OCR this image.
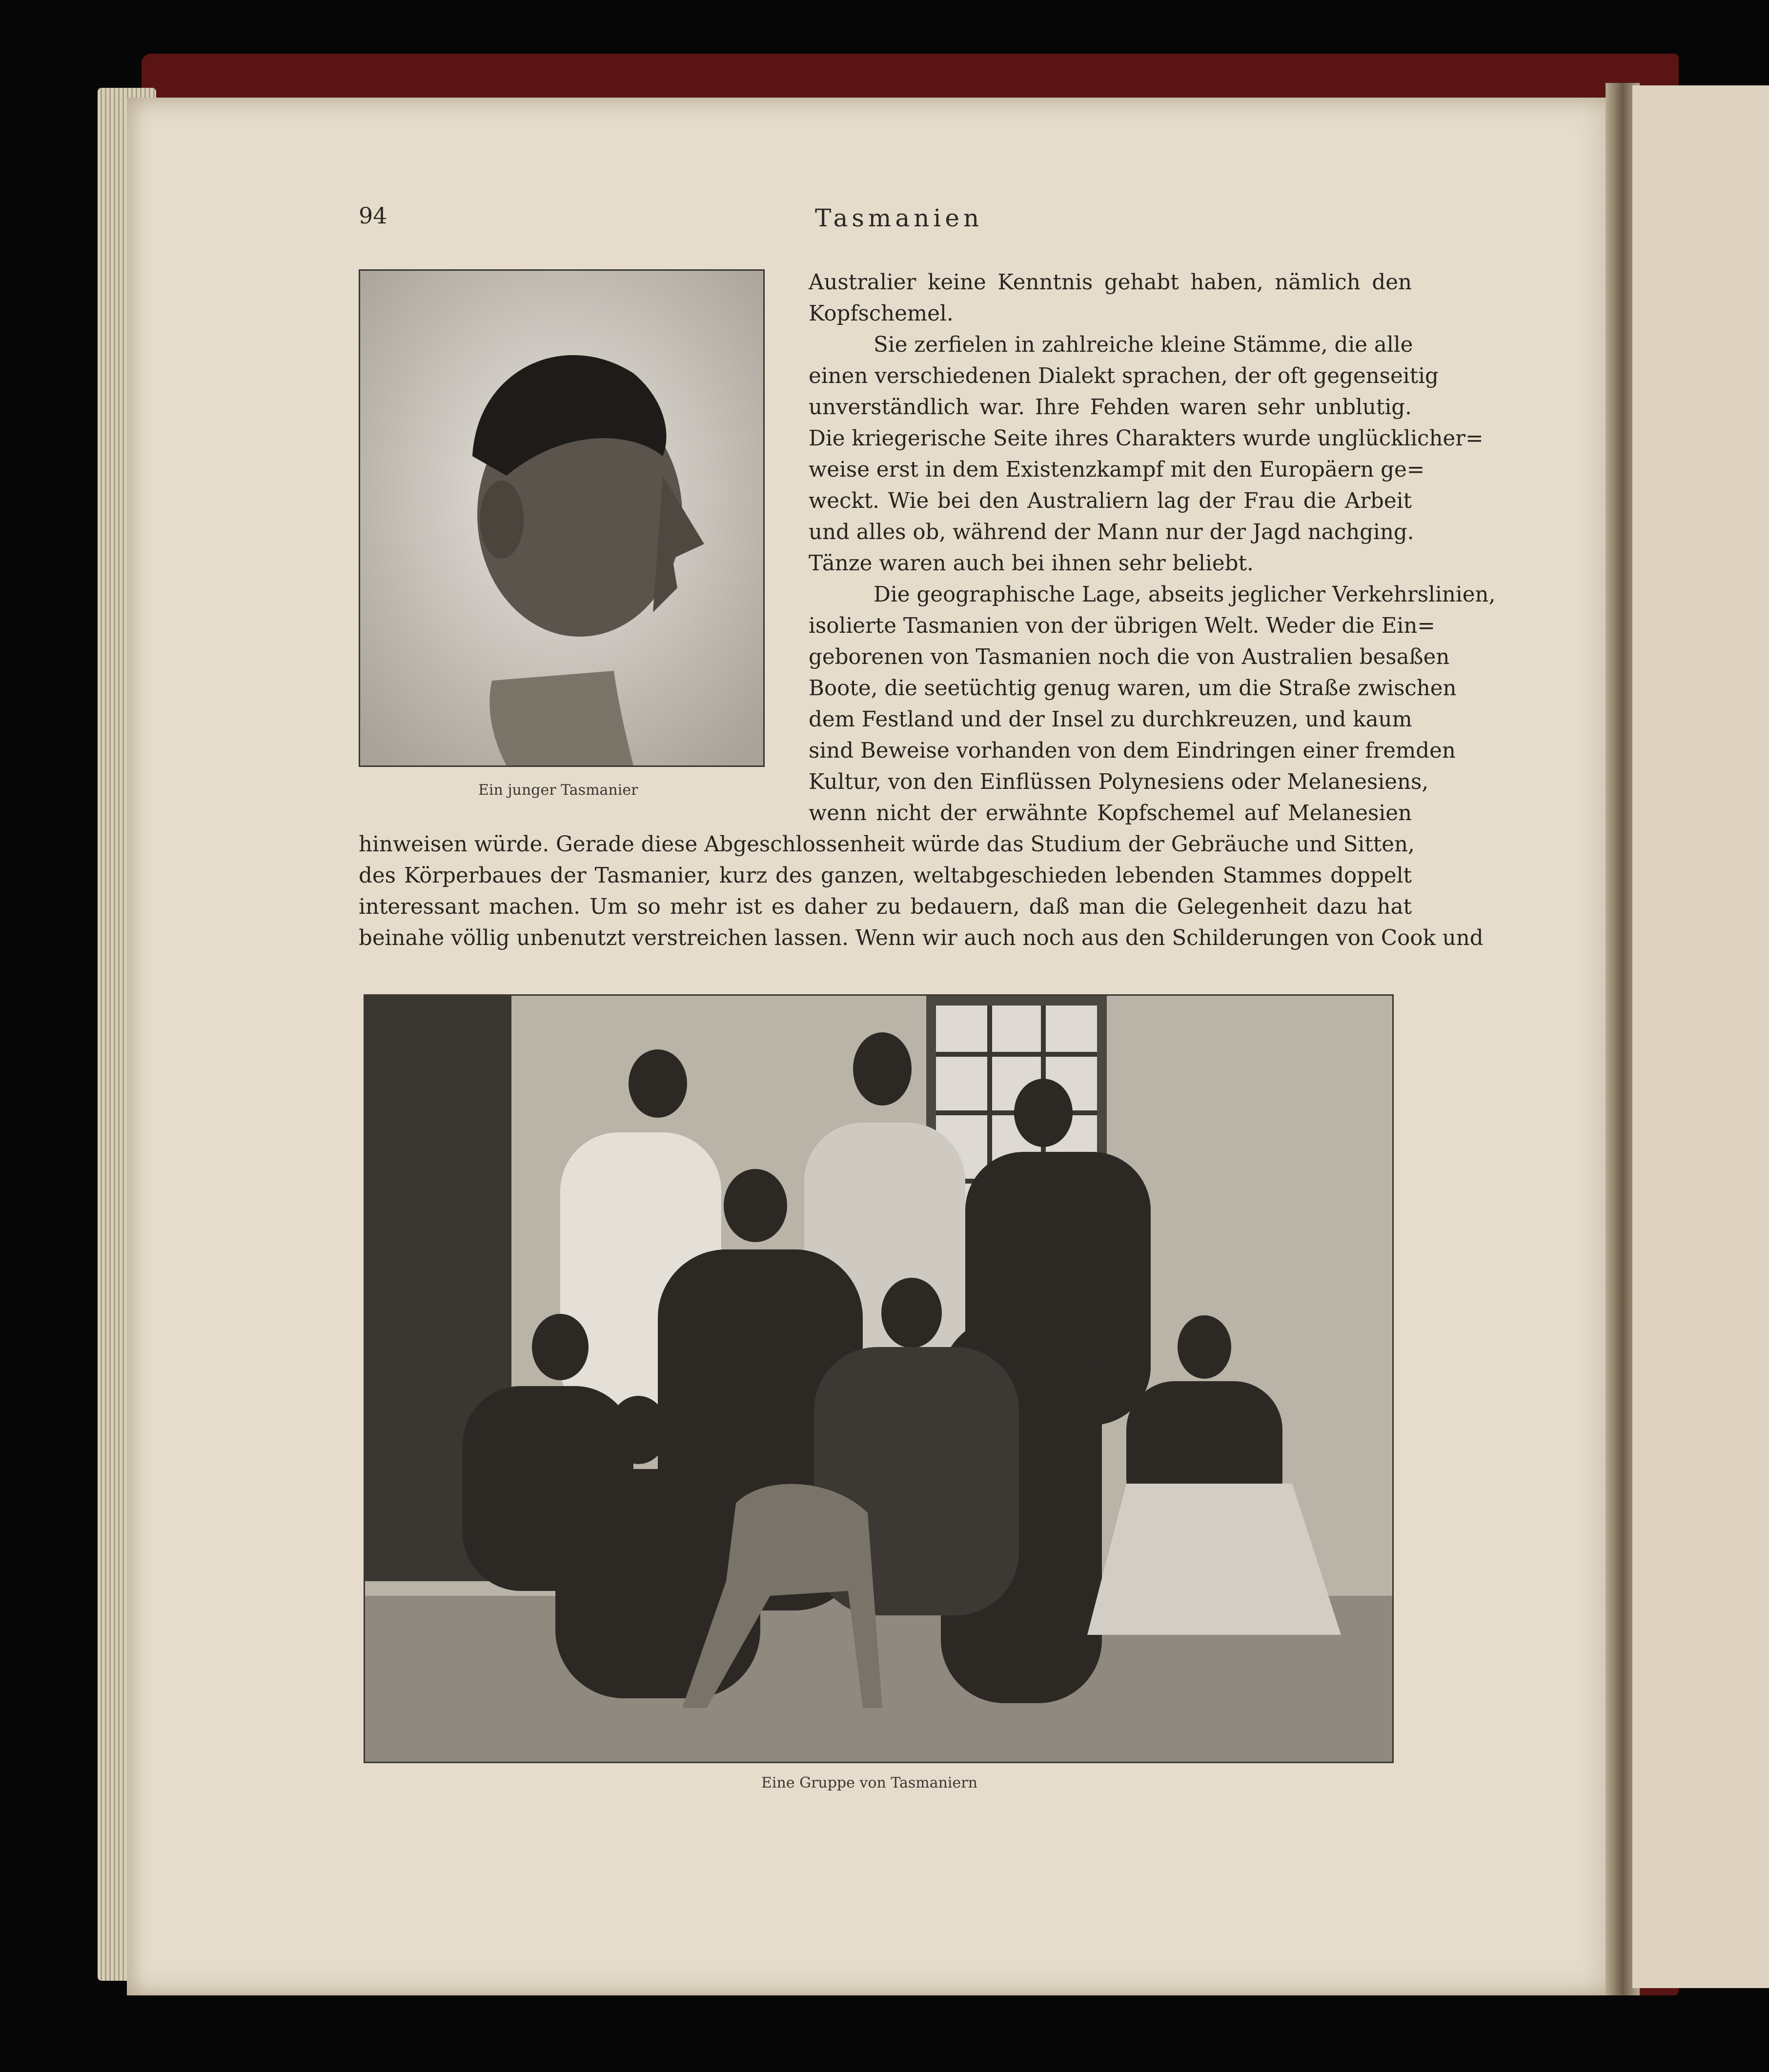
94	Tasmanien
Ein junger Tasmanier
Australier keine Kenntnis gehabt haben, nämlich den
Kopfschemel.
Sie zerfielen in zahlreiche kleine Stämme, die alle
einen verschiedenen Dialekt sprachen, der oft gegenseitig
unverständlich war. Ihre Fehden waren sehr unblutig.
Die kriegerische Seite ihres Charakters wurde unglücklicher=
weise erst in dem Existenzkampf mit den Europäern ge=
weckt. Wie bei den Australiern lag der Frau die Arbeit
und alles ob, während der Mann nur der Jagd nachging.
Tänze waren auch bei ihnen sehr beliebt.
Die geographische Lage, abseits jeglicher Verkehrslinien,
isolierte Tasmanien von der übrigen Welt. Weder die Ein=
geborenen von Tasmanien noch die von Australien besaßen
Boote, die seetüchtig genug waren, um die Straße zwischen
dem Festland und der Insel zu durchkreuzen, und kaum
sind Beweise vorhanden von dem Eindringen einer fremden
Kultur, von den Einflüssen Polynesiens oder Melanesiens,
wenn nicht der erwähnte Kopfschemel auf Melanesien
hinweisen würde. Gerade diese Abgeschlossenheit würde das Studium der Gebräuche und Sitten,
des Körperbaues der Tasmanier, kurz des ganzen, weltabgeschieden lebenden Stammes doppelt
interessant machen. Um so mehr ist es daher zu bedauern, daß man die Gelegenheit dazu hat
beinahe völlig unbenutzt verstreichen lassen. Wenn wir auch noch aus den Schilderungen von Cook und
Eine Gruppe von Tasmaniern
